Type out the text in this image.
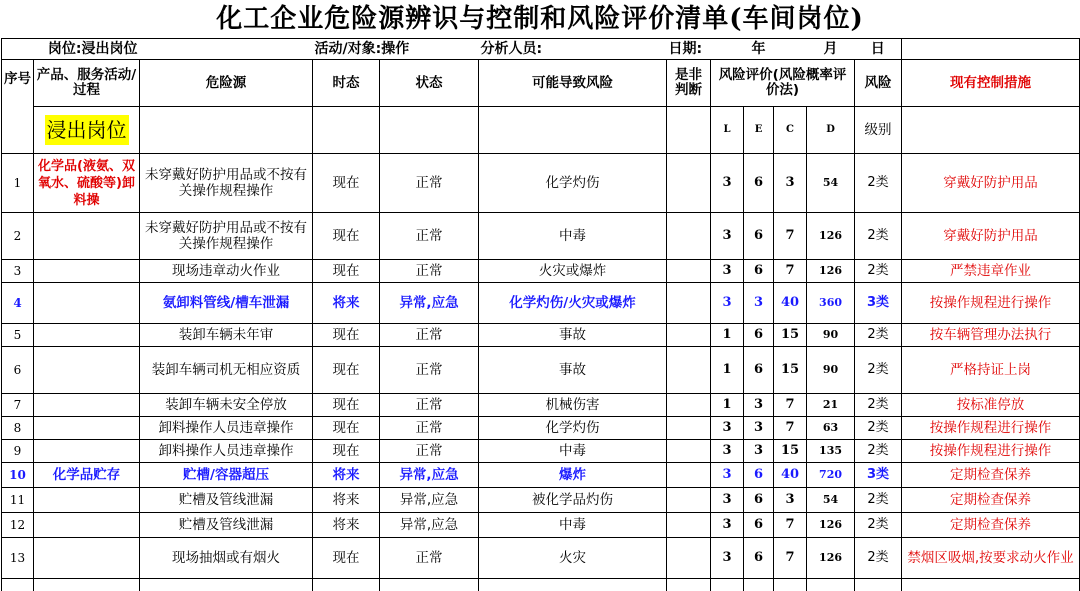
化工企业危险源辨识与控制和风险评价清单(车间岗位)
岗位:浸出岗位			活动/对象:操作		分析人员:	日期:		年		月	日	
序号	产品、服务活动/过程	危险源	时态	状态	可能导致风险	是非判断	风险评价(风险概率评价法)				风险	现有控制措施
	浸出岗位						L	E	C	D	级别	
1	化学品(液氨、双氧水、硫酸等)卸料操	未穿戴好防护用品或不按有关操作规程操作	现在	正常	化学灼伤		3	6	3	54	2类	穿戴好防护用品
2		未穿戴好防护用品或不按有关操作规程操作	现在	正常	中毒		3	6	7	126	2类	穿戴好防护用品
3		现场违章动火作业	现在	正常	火灾或爆炸		3	6	7	126	2类	严禁违章作业
4		氨卸料管线/槽车泄漏	将来	异常,应急	化学灼伤/火灾或爆炸		3	3	40	360	3类	按操作规程进行操作
5		装卸车辆未年审	现在	正常	事故		1	6	15	90	2类	按车辆管理办法执行
6		装卸车辆司机无相应资质	现在	正常	事故		1	6	15	90	2类	严格持证上岗
7		装卸车辆未安全停放	现在	正常	机械伤害		1	3	7	21	2类	按标准停放
8		卸料操作人员违章操作	现在	正常	化学灼伤		3	3	7	63	2类	按操作规程进行操作
9		卸料操作人员违章操作	现在	正常	中毒		3	3	15	135	2类	按操作规程进行操作
10	化学品贮存	贮槽/容器超压	将来	异常,应急	爆炸		3	6	40	720	3类	定期检查保养
11		贮槽及管线泄漏	将来	异常,应急	被化学品灼伤		3	6	3	54	2类	定期检查保养
12		贮槽及管线泄漏	将来	异常,应急	中毒		3	6	7	126	2类	定期检查保养
13		现场抽烟或有烟火	现在	正常	火灾		3	6	7	126	2类	禁烟区吸烟,按要求动火作业
